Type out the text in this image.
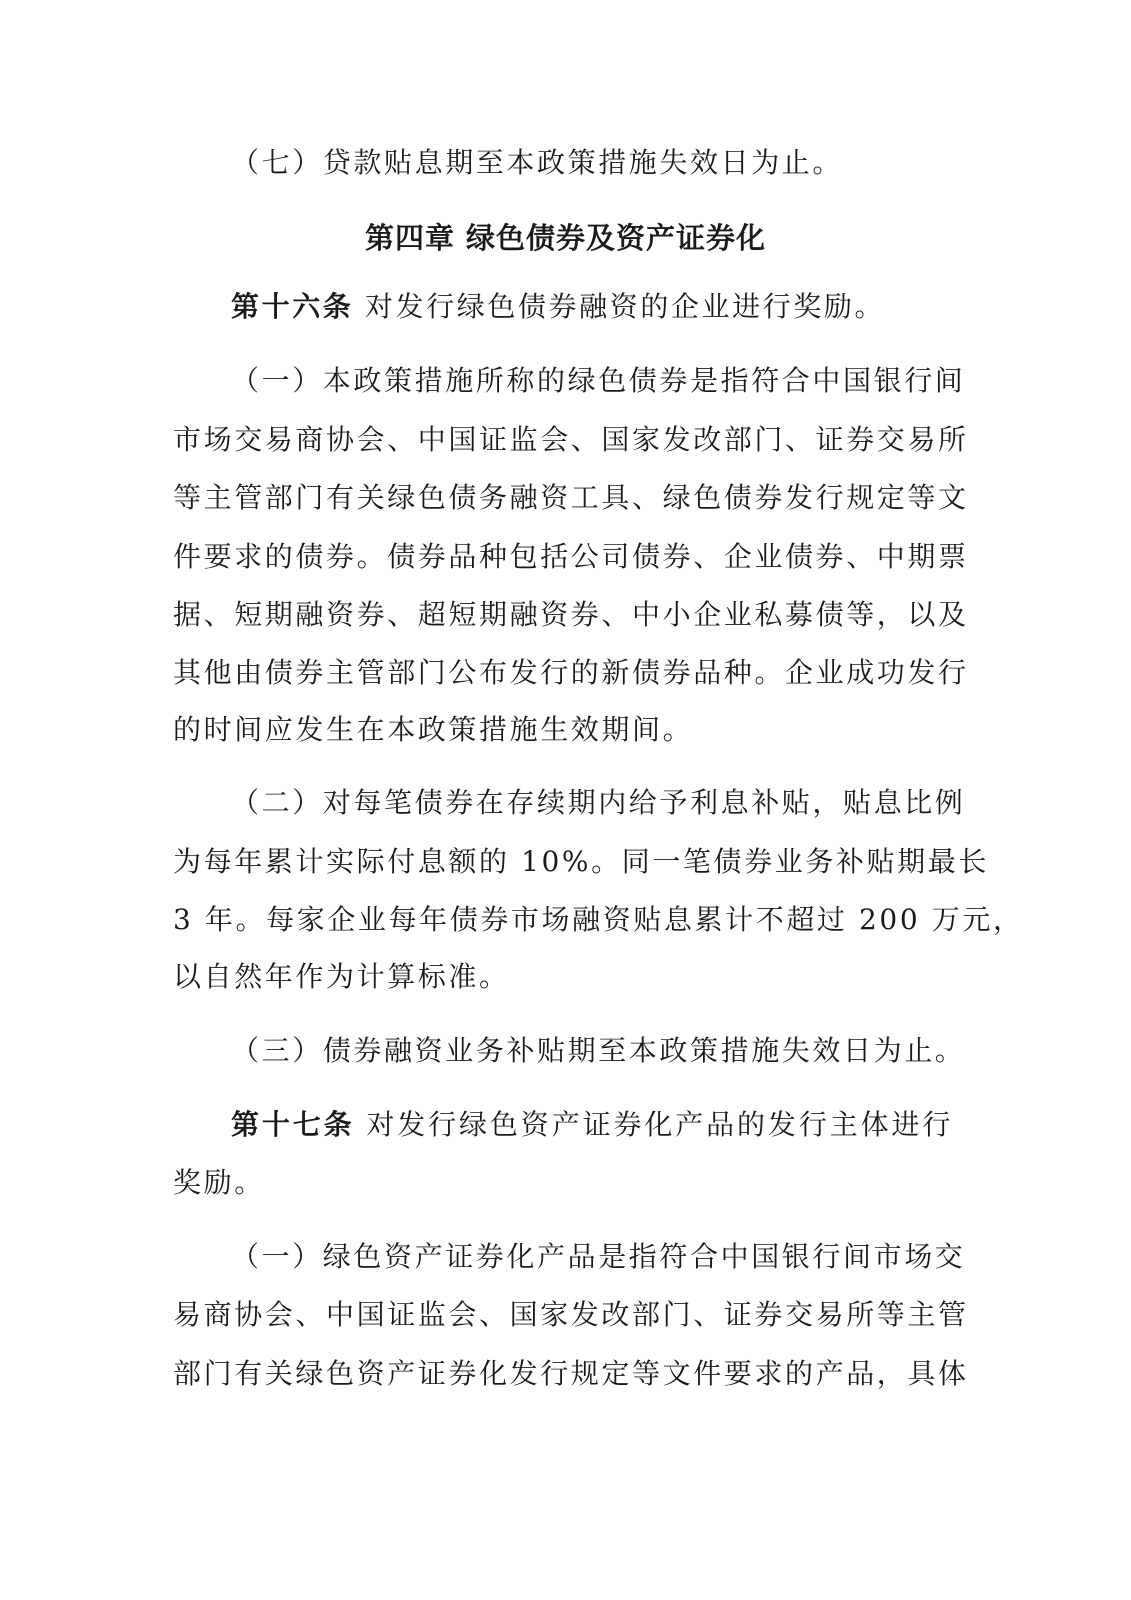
（七）贷款贴息期至本政策措施失效日为止。
第四章 绿色债券及资产证券化
第十六条 对发行绿色债券融资的企业进行奖励。
（一）本政策措施所称的绿色债券是指符合中国银行间
市场交易商协会、中国证监会、国家发改部门、证券交易所
等主管部门有关绿色债务融资工具、绿色债券发行规定等文
件要求的债券。债券品种包括公司债券、企业债券、中期票
据、短期融资券、超短期融资券、中小企业私募债等，以及
其他由债券主管部门公布发行的新债券品种。企业成功发行
的时间应发生在本政策措施生效期间。
（二）对每笔债券在存续期内给予利息补贴，贴息比例
为每年累计实际付息额的 10%。同一笔债券业务补贴期最长
3 年。每家企业每年债券市场融资贴息累计不超过 200 万元，
以自然年作为计算标准。
（三）债券融资业务补贴期至本政策措施失效日为止。
第十七条 对发行绿色资产证券化产品的发行主体进行
奖励。
（一）绿色资产证券化产品是指符合中国银行间市场交
易商协会、中国证监会、国家发改部门、证券交易所等主管
部门有关绿色资产证券化发行规定等文件要求的产品，具体
